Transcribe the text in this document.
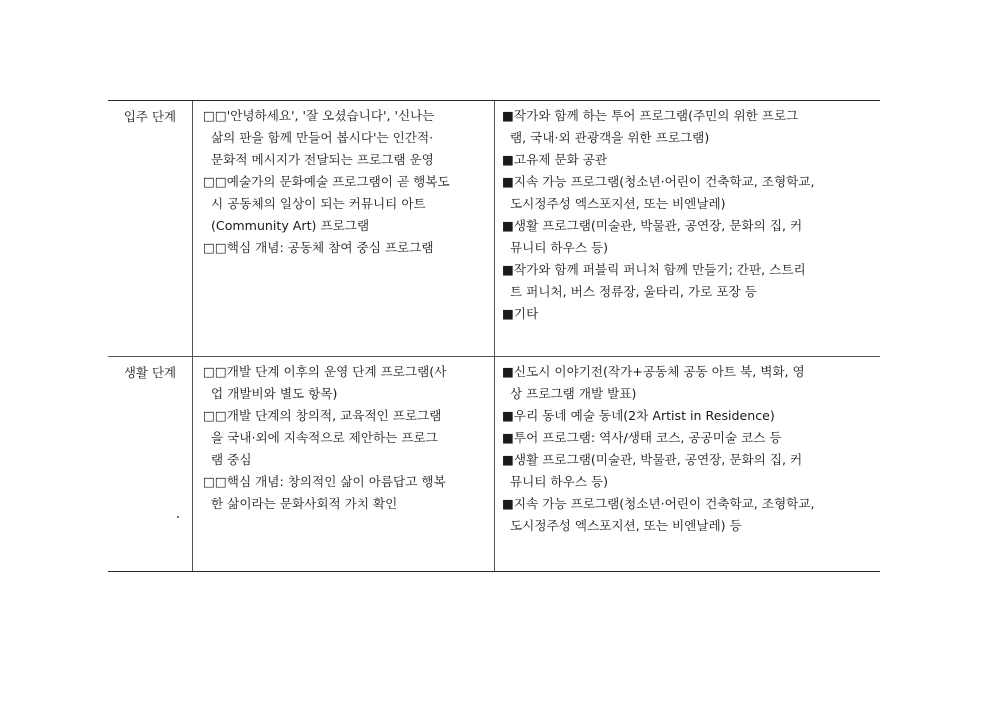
입주 단계	□□'안녕하세요', '잘 오셨습니다', '신나는
삶의 판을 함께 만들어 봅시다'는 인간적·
문화적 메시지가 전달되는 프로그램 운영
□□예술가의 문화예술 프로그램이 곧 행복도
시 공동체의 일상이 되는 커뮤니티 아트
(Community Art) 프로그램
□□핵심 개념: 공동체 참여 중심 프로그램
■작가와 함께 하는 투어 프로그램(주민의 위한 프로그
램, 국내·외 관광객을 위한 프로그램)
■고유제 문화 공관
■지속 가능 프로그램(청소년·어린이 건축학교, 조형학교,
도시정주성 엑스포지션, 또는 비엔날레)
■생활 프로그램(미술관, 박물관, 공연장, 문화의 집, 커
뮤니티 하우스 등)
■작가와 함께 퍼블릭 퍼니처 함께 만들기; 간판, 스트리
트 퍼니처, 버스 정류장, 울타리, 가로 포장 등
■기타
생활 단계	□□개발 단계 이후의 운영 단계 프로그램(사
업 개발비와 별도 항목)
□□개발 단계의 창의적, 교육적인 프로그램
을 국내·외에 지속적으로 제안하는 프로그
램 중심
□□핵심 개념: 창의적인 삶이 아름답고 행복
한 삶이라는 문화사회적 가치 확인
■신도시 이야기전(작가+공동체 공동 아트 북, 벽화, 영
상 프로그램 개발 발표)
■우리 동네 예술 동네(2차 Artist in Residence)
■투어 프로그램: 역사/생태 코스, 공공미술 코스 등
■생활 프로그램(미술관, 박물관, 공연장, 문화의 집, 커
뮤니티 하우스 등)
■지속 가능 프로그램(청소년·어린이 건축학교, 조형학교,
도시정주성 엑스포지션, 또는 비엔날레) 등
